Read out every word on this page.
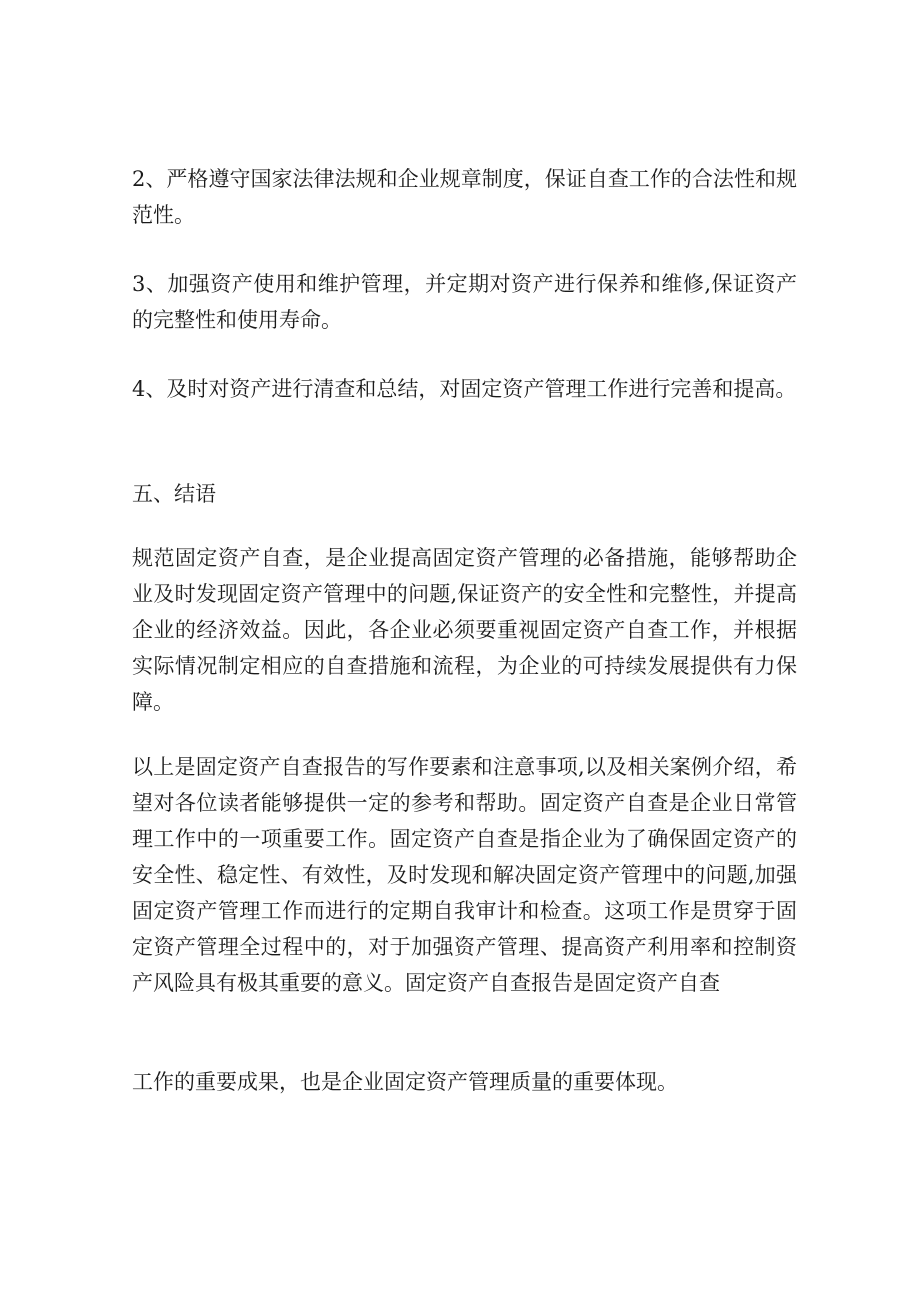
2、严格遵守国家法律法规和企业规章制度，保证自查工作的合法性和规范性。

3、加强资产使用和维护管理，并定期对资产进行保养和维修,保证资产的完整性和使用寿命。

4、及时对资产进行清查和总结，对固定资产管理工作进行完善和提高。

五、结语

规范固定资产自查，是企业提高固定资产管理的必备措施，能够帮助企业及时发现固定资产管理中的问题,保证资产的安全性和完整性，并提高企业的经济效益。因此，各企业必须要重视固定资产自查工作，并根据实际情况制定相应的自查措施和流程，为企业的可持续发展提供有力保障。

以上是固定资产自查报告的写作要素和注意事项,以及相关案例介绍，希望对各位读者能够提供一定的参考和帮助。固定资产自查是企业日常管理工作中的一项重要工作。固定资产自查是指企业为了确保固定资产的安全性、稳定性、有效性，及时发现和解决固定资产管理中的问题,加强固定资产管理工作而进行的定期自我审计和检查。这项工作是贯穿于固定资产管理全过程中的，对于加强资产管理、提高资产利用率和控制资产风险具有极其重要的意义。固定资产自查报告是固定资产自查

工作的重要成果，也是企业固定资产管理质量的重要体现。
